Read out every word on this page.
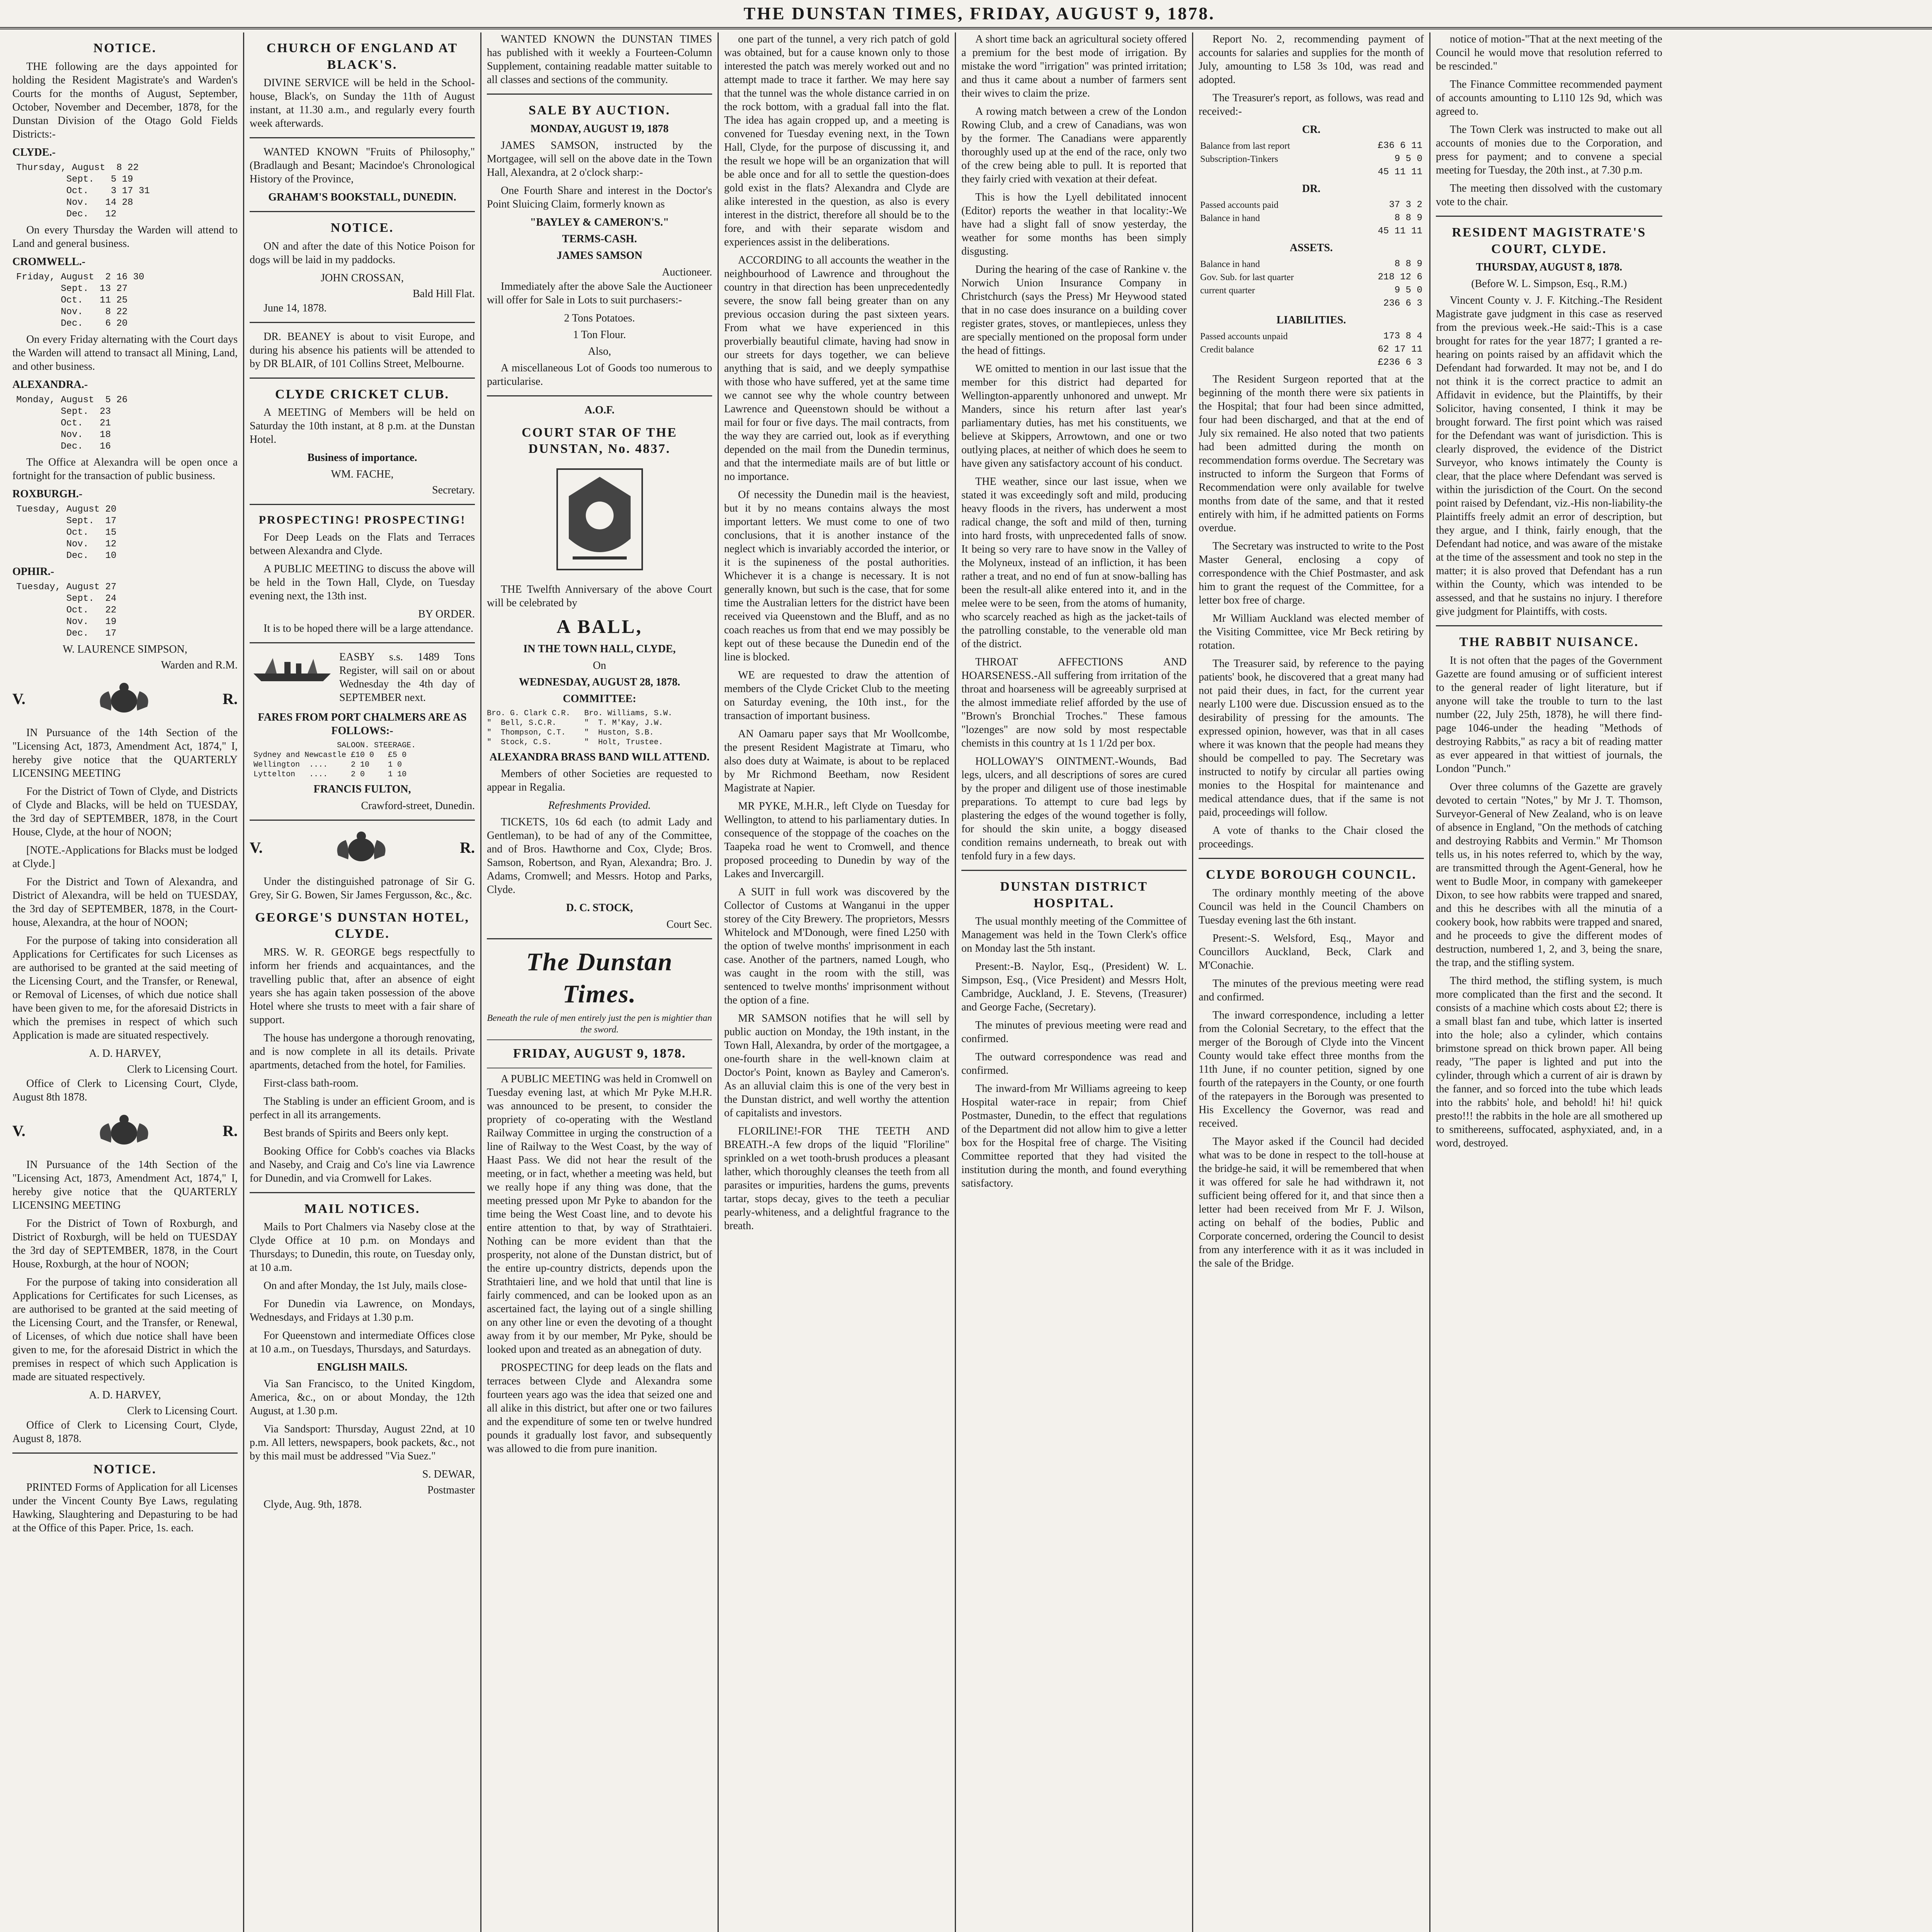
THE DUNSTAN TIMES, FRIDAY, AUGUST 9, 1878.
NOTICE.

THE following are the days appointed for holding the Resident Magistrate's and Warden's Courts for the months of August, September, October, November and December, 1878, for the Dunstan Division of the Otago Gold Fields Districts:-

CLYDE.-
Thursday, August  8 22
Sept.   5 19
Oct.    3 17 31
Nov.   14 28
Dec.   12

On every Thursday the Warden will attend to Land and general business.

CROMWELL.-
Friday, August  2 16 30
Sept.  13 27
Oct.   11 25
Nov.    8 22
Dec.    6 20

On every Friday alternating with the Court days the Warden will attend to transact all Mining, Land, and other business.

ALEXANDRA.-
Monday, August  5 26
Sept.  23
Oct.   21
Nov.   18
Dec.   16

The Office at Alexandra will be open once a fortnight for the transaction of public business.

ROXBURGH.-
Tuesday, August 20
Sept.  17
Oct.   15
Nov.   12
Dec.   10
OPHIR.-
Tuesday, August 27
Sept.  24
Oct.   22
Nov.   19
Dec.   17
W. LAURENCE SIMPSON,
Warden and R.M.
V.	R.

IN Pursuance of the 14th Section of the "Licensing Act, 1873, Amendment Act, 1874," I, hereby give notice that the QUARTERLY LICENSING MEETING

For the District of Town of Clyde, and Districts of Clyde and Blacks, will be held on TUESDAY, the 3rd day of SEPTEMBER, 1878, in the Court House, Clyde, at the hour of NOON;

[NOTE.-Applications for Blacks must be lodged at Clyde.]

For the District and Town of Alexandra, and District of Alexandra, will be held on TUESDAY, the 3rd day of SEPTEMBER, 1878, in the Court-house, Alexandra, at the hour of NOON;

For the purpose of taking into consideration all Applications for Certificates for such Licenses as are authorised to be granted at the said meeting of the Licensing Court, and the Transfer, or Renewal, or Removal of Licenses, of which due notice shall have been given to me, for the aforesaid Districts in which the premises in respect of which such Application is made are situated respectively.

A. D. HARVEY,
Clerk to Licensing Court.

Office of Clerk to Licensing Court, Clyde, August 8th 1878.

V.	R.

IN Pursuance of the 14th Section of the "Licensing Act, 1873, Amendment Act, 1874," I, hereby give notice that the QUARTERLY LICENSING MEETING

For the District of Town of Roxburgh, and District of Roxburgh, will be held on TUESDAY the 3rd day of SEPTEMBER, 1878, in the Court House, Roxburgh, at the hour of NOON;

For the purpose of taking into consideration all Applications for Certificates for such Licenses, as are authorised to be granted at the said meeting of the Licensing Court, and the Transfer, or Renewal, of Licenses, of which due notice shall have been given to me, for the aforesaid District in which the premises in respect of which such Application is made are situated respectively.

A. D. HARVEY,
Clerk to Licensing Court.

Office of Clerk to Licensing Court, Clyde, August 8, 1878.

NOTICE.

PRINTED Forms of Application for all Licenses under the Vincent County Bye Laws, regulating Hawking, Slaughtering and Depasturing to be had at the Office of this Paper. Price, 1s. each.

CHURCH OF ENGLAND AT BLACK'S.

DIVINE SERVICE will be held in the School-house, Black's, on Sunday the 11th of August instant, at 11.30 a.m., and regularly every fourth week afterwards.

WANTED KNOWN "Fruits of Philosophy," (Bradlaugh and Besant; Macindoe's Chronological History of the Province,

GRAHAM'S BOOKSTALL, DUNEDIN.
NOTICE.

ON and after the date of this Notice Poison for dogs will be laid in my paddocks.

JOHN CROSSAN,
Bald Hill Flat.

June 14, 1878.

DR. BEANEY is about to visit Europe, and during his absence his patients will be attended to by DR BLAIR, of 101 Collins Street, Melbourne.

CLYDE CRICKET CLUB.

A MEETING of Members will be held on Saturday the 10th instant, at 8 p.m. at the Dunstan Hotel.

Business of importance.
WM. FACHE,
Secretary.
PROSPECTING! PROSPECTING!

For Deep Leads on the Flats and Terraces between Alexandra and Clyde.

A PUBLIC MEETING to discuss the above will be held in the Town Hall, Clyde, on Tuesday evening next, the 13th inst.

BY ORDER.

It is to be hoped there will be a large attendance.

EASBY s.s. 1489 Tons Register, will sail on or about Wednesday the 4th day of SEPTEMBER next.
FARES FROM PORT CHALMERS ARE AS FOLLOWS:-
SALOON. STEERAGE.
Sydney and Newcastle £10 0   £5 0
Wellington  ....     2 10    1 0
Lyttelton   ....     2 0     1 10
FRANCIS FULTON,
Crawford-street, Dunedin.
V.	R.

Under the distinguished patronage of Sir G. Grey, Sir G. Bowen, Sir James Fergusson, &c., &c.

GEORGE'S DUNSTAN HOTEL, CLYDE.

MRS. W. R. GEORGE begs respectfully to inform her friends and acquaintances, and the travelling public that, after an absence of eight years she has again taken possession of the above Hotel where she trusts to meet with a fair share of support.

The house has undergone a thorough renovating, and is now complete in all its details. Private apartments, detached from the hotel, for Families.

First-class bath-room.

The Stabling is under an efficient Groom, and is perfect in all its arrangements.

Best brands of Spirits and Beers only kept.

Booking Office for Cobb's coaches via Blacks and Naseby, and Craig and Co's line via Lawrence for Dunedin, and via Cromwell for Lakes.

MAIL NOTICES.

Mails to Port Chalmers via Naseby close at the Clyde Office at 10 p.m. on Mondays and Thursdays; to Dunedin, this route, on Tuesday only, at 10 a.m.

On and after Monday, the 1st July, mails close-

For Dunedin via Lawrence, on Mondays, Wednesdays, and Fridays at 1.30 p.m.

For Queenstown and intermediate Offices close at 10 a.m., on Tuesdays, Thursdays, and Saturdays.

ENGLISH MAILS.

Via San Francisco, to the United Kingdom, America, &c., on or about Monday, the 12th August, at 1.30 p.m.

Via Sandsport: Thursday, August 22nd, at 10 p.m. All letters, newspapers, book packets, &c., not by this mail must be addressed "Via Suez."

S. DEWAR,
Postmaster

Clyde, Aug. 9th, 1878.

WANTED KNOWN the DUNSTAN TIMES has published with it weekly a Fourteen-Column Supplement, containing readable matter suitable to all classes and sections of the community.

SALE BY AUCTION.
MONDAY, AUGUST 19, 1878

JAMES SAMSON, instructed by the Mortgagee, will sell on the above date in the Town Hall, Alexandra, at 2 o'clock sharp:-

One Fourth Share and interest in the Doctor's Point Sluicing Claim, formerly known as

"BAYLEY & CAMERON'S."
TERMS-CASH.
JAMES SAMSON
Auctioneer.

Immediately after the above Sale the Auctioneer will offer for Sale in Lots to suit purchasers:-

2 Tons Potatoes.
1 Ton Flour.
Also,

A miscellaneous Lot of Goods too numerous to particularise.

A.O.F.
COURT STAR OF THE DUNSTAN, No. 4837.

THE Twelfth Anniversary of the above Court will be celebrated by

A BALL,
IN THE TOWN HALL, CLYDE,
On
WEDNESDAY, AUGUST 28, 1878.
COMMITTEE:
Bro. G. Clark C.R.   Bro. Williams, S.W.
"  Bell, S.C.R.      "  T. M'Kay, J.W.
"  Thompson, C.T.    "  Huston, S.B.
"  Stock, C.S.       "  Holt, Trustee.
ALEXANDRA BRASS BAND WILL ATTEND.

Members of other Societies are requested to appear in Regalia.

Refreshments Provided.

TICKETS, 10s 6d each (to admit Lady and Gentleman), to be had of any of the Committee, and of Bros. Hawthorne and Cox, Clyde; Bros. Samson, Robertson, and Ryan, Alexandra; Bro. J. Adams, Cromwell; and Messrs. Hotop and Parks, Clyde.

D. C. STOCK,
Court Sec.
The Dunstan Times.
Beneath the rule of men entirely just the pen is mightier than the sword.
FRIDAY, AUGUST 9, 1878.

A PUBLIC MEETING was held in Cromwell on Tuesday evening last, at which Mr Pyke M.H.R. was announced to be present, to consider the propriety of co-operating with the Westland Railway Committee in urging the construction of a line of Railway to the West Coast, by the way of Haast Pass. We did not hear the result of the meeting, or in fact, whether a meeting was held, but we really hope if any thing was done, that the meeting pressed upon Mr Pyke to abandon for the time being the West Coast line, and to devote his entire attention to that, by way of Strathtaieri. Nothing can be more evident than that the prosperity, not alone of the Dunstan district, but of the entire up-country districts, depends upon the Strathtaieri line, and we hold that until that line is fairly commenced, and can be looked upon as an ascertained fact, the laying out of a single shilling on any other line or even the devoting of a thought away from it by our member, Mr Pyke, should be looked upon and treated as an abnegation of duty.

PROSPECTING for deep leads on the flats and terraces between Clyde and Alexandra some fourteen years ago was the idea that seized one and all alike in this district, but after one or two failures and the expenditure of some ten or twelve hundred pounds it gradually lost favor, and subsequently was allowed to die from pure inanition.

one part of the tunnel, a very rich patch of gold was obtained, but for a cause known only to those interested the patch was merely worked out and no attempt made to trace it farther. We may here say that the tunnel was the whole distance carried in on the rock bottom, with a gradual fall into the flat. The idea has again cropped up, and a meeting is convened for Tuesday evening next, in the Town Hall, Clyde, for the purpose of discussing it, and the result we hope will be an organization that will be able once and for all to settle the question-does gold exist in the flats? Alexandra and Clyde are alike interested in the question, as also is every interest in the district, therefore all should be to the fore, and with their separate wisdom and experiences assist in the deliberations.

ACCORDING to all accounts the weather in the neighbourhood of Lawrence and throughout the country in that direction has been unprecedentedly severe, the snow fall being greater than on any previous occasion during the past sixteen years. From what we have experienced in this proverbially beautiful climate, having had snow in our streets for days together, we can believe anything that is said, and we deeply sympathise with those who have suffered, yet at the same time we cannot see why the whole country between Lawrence and Queenstown should be without a mail for four or five days. The mail contracts, from the way they are carried out, look as if everything depended on the mail from the Dunedin terminus, and that the intermediate mails are of but little or no importance.

Of necessity the Dunedin mail is the heaviest, but it by no means contains always the most important letters. We must come to one of two conclusions, that it is another instance of the neglect which is invariably accorded the interior, or it is the supineness of the postal authorities. Whichever it is a change is necessary. It is not generally known, but such is the case, that for some time the Australian letters for the district have been received via Queenstown and the Bluff, and as no coach reaches us from that end we may possibly be kept out of these because the Dunedin end of the line is blocked.

WE are requested to draw the attention of members of the Clyde Cricket Club to the meeting on Saturday evening, the 10th inst., for the transaction of important business.

AN Oamaru paper says that Mr Woollcombe, the present Resident Magistrate at Timaru, who also does duty at Waimate, is about to be replaced by Mr Richmond Beetham, now Resident Magistrate at Napier.

MR PYKE, M.H.R., left Clyde on Tuesday for Wellington, to attend to his parliamentary duties. In consequence of the stoppage of the coaches on the Taapeka road he went to Cromwell, and thence proposed proceeding to Dunedin by way of the Lakes and Invercargill.

A SUIT in full work was discovered by the Collector of Customs at Wanganui in the upper storey of the City Brewery. The proprietors, Messrs Whitelock and M'Donough, were fined L250 with the option of twelve months' imprisonment in each case. Another of the partners, named Lough, who was caught in the room with the still, was sentenced to twelve months' imprisonment without the option of a fine.

MR SAMSON notifies that he will sell by public auction on Monday, the 19th instant, in the Town Hall, Alexandra, by order of the mortgagee, a one-fourth share in the well-known claim at Doctor's Point, known as Bayley and Cameron's. As an alluvial claim this is one of the very best in the Dunstan district, and well worthy the attention of capitalists and investors.

FLORILINE!-FOR THE TEETH AND BREATH.-A few drops of the liquid "Floriline" sprinkled on a wet tooth-brush produces a pleasant lather, which thoroughly cleanses the teeth from all parasites or impurities, hardens the gums, prevents tartar, stops decay, gives to the teeth a peculiar pearly-whiteness, and a delightful fragrance to the breath.

A short time back an agricultural society offered a premium for the best mode of irrigation. By mistake the word "irrigation" was printed irritation; and thus it came about a number of farmers sent their wives to claim the prize.

A rowing match between a crew of the London Rowing Club, and a crew of Canadians, was won by the former. The Canadians were apparently thoroughly used up at the end of the race, only two of the crew being able to pull. It is reported that they fairly cried with vexation at their defeat.

This is how the Lyell debilitated innocent (Editor) reports the weather in that locality:-We have had a slight fall of snow yesterday, the weather for some months has been simply disgusting.

During the hearing of the case of Rankine v. the Norwich Union Insurance Company in Christchurch (says the Press) Mr Heywood stated that in no case does insurance on a building cover register grates, stoves, or mantlepieces, unless they are specially mentioned on the proposal form under the head of fittings.

WE omitted to mention in our last issue that the member for this district had departed for Wellington-apparently unhonored and unwept. Mr Manders, since his return after last year's parliamentary duties, has met his constituents, we believe at Skippers, Arrowtown, and one or two outlying places, at neither of which does he seem to have given any satisfactory account of his conduct.

THE weather, since our last issue, when we stated it was exceedingly soft and mild, producing heavy floods in the rivers, has underwent a most radical change, the soft and mild of then, turning into hard frosts, with unprecedented falls of snow. It being so very rare to have snow in the Valley of the Molyneux, instead of an infliction, it has been rather a treat, and no end of fun at snow-balling has been the result-all alike entered into it, and in the melee were to be seen, from the atoms of humanity, who scarcely reached as high as the jacket-tails of the patrolling constable, to the venerable old man of the district.

THROAT AFFECTIONS AND HOARSENESS.-All suffering from irritation of the throat and hoarseness will be agreeably surprised at the almost immediate relief afforded by the use of "Brown's Bronchial Troches." These famous "lozenges" are now sold by most respectable chemists in this country at 1s 1 1/2d per box.

HOLLOWAY'S OINTMENT.-Wounds, Bad legs, ulcers, and all descriptions of sores are cured by the proper and diligent use of those inestimable preparations. To attempt to cure bad legs by plastering the edges of the wound together is folly, for should the skin unite, a boggy diseased condition remains underneath, to break out with tenfold fury in a few days.

DUNSTAN DISTRICT HOSPITAL.

The usual monthly meeting of the Committee of Management was held in the Town Clerk's office on Monday last the 5th instant.

Present:-B. Naylor, Esq., (President) W. L. Simpson, Esq., (Vice President) and Messrs Holt, Cambridge, Auckland, J. E. Stevens, (Treasurer) and George Fache, (Secretary).

The minutes of previous meeting were read and confirmed.

The outward correspondence was read and confirmed.

The inward-from Mr Williams agreeing to keep Hospital water-race in repair; from Chief Postmaster, Dunedin, to the effect that regulations of the Department did not allow him to give a letter box for the Hospital free of charge. The Visiting Committee reported that they had visited the institution during the month, and found everything satisfactory.

Report No. 2, recommending payment of accounts for salaries and supplies for the month of July, amounting to L58 3s 10d, was read and adopted.

The Treasurer's report, as follows, was read and received:-

CR.
Balance from last report	£36 6 11
Subscription-Tinkers	9 5 0
	45 11 11
DR.
Passed accounts paid	37 3 2
Balance in hand	8 8 9
	45 11 11
ASSETS.
Balance in hand	8 8 9
Gov. Sub. for last quarter	218 12 6
current quarter	9 5 0
	236 6 3
LIABILITIES.
Passed accounts unpaid	173 8 4
Credit balance	62 17 11
	£236 6 3

The Resident Surgeon reported that at the beginning of the month there were six patients in the Hospital; that four had been since admitted, four had been discharged, and that at the end of July six remained. He also noted that two patients had been admitted during the month on recommendation forms overdue. The Secretary was instructed to inform the Surgeon that Forms of Recommendation were only available for twelve months from date of the same, and that it rested entirely with him, if he admitted patients on Forms overdue.

The Secretary was instructed to write to the Post Master General, enclosing a copy of correspondence with the Chief Postmaster, and ask him to grant the request of the Committee, for a letter box free of charge.

Mr William Auckland was elected member of the Visiting Committee, vice Mr Beck retiring by rotation.

The Treasurer said, by reference to the paying patients' book, he discovered that a great many had not paid their dues, in fact, for the current year nearly L100 were due. Discussion ensued as to the desirability of pressing for the amounts. The expressed opinion, however, was that in all cases where it was known that the people had means they should be compelled to pay. The Secretary was instructed to notify by circular all parties owing monies to the Hospital for maintenance and medical attendance dues, that if the same is not paid, proceedings will follow.

A vote of thanks to the Chair closed the proceedings.

CLYDE BOROUGH COUNCIL.

The ordinary monthly meeting of the above Council was held in the Council Chambers on Tuesday evening last the 6th instant.

Present:-S. Welsford, Esq., Mayor and Councillors Auckland, Beck, Clark and M'Conachie.

The minutes of the previous meeting were read and confirmed.

The inward correspondence, including a letter from the Colonial Secretary, to the effect that the merger of the Borough of Clyde into the Vincent County would take effect three months from the 11th June, if no counter petition, signed by one fourth of the ratepayers in the County, or one fourth of the ratepayers in the Borough was presented to His Excellency the Governor, was read and received.

The Mayor asked if the Council had decided what was to be done in respect to the toll-house at the bridge-he said, it will be remembered that when it was offered for sale he had withdrawn it, not sufficient being offered for it, and that since then a letter had been received from Mr F. J. Wilson, acting on behalf of the bodies, Public and Corporate concerned, ordering the Council to desist from any interference with it as it was included in the sale of the Bridge.

notice of motion-"That at the next meeting of the Council he would move that resolution referred to be rescinded."

The Finance Committee recommended payment of accounts amounting to L110 12s 9d, which was agreed to.

The Town Clerk was instructed to make out all accounts of monies due to the Corporation, and press for payment; and to convene a special meeting for Tuesday, the 20th inst., at 7.30 p.m.

The meeting then dissolved with the customary vote to the chair.

RESIDENT MAGISTRATE'S COURT, CLYDE.
THURSDAY, AUGUST 8, 1878.
(Before W. L. Simpson, Esq., R.M.)

Vincent County v. J. F. Kitching.-The Resident Magistrate gave judgment in this case as reserved from the previous week.-He said:-This is a case brought for rates for the year 1877; I granted a re-hearing on points raised by an affidavit which the Defendant had forwarded. It may not be, and I do not think it is the correct practice to admit an Affidavit in evidence, but the Plaintiffs, by their Solicitor, having consented, I think it may be brought forward. The first point which was raised for the Defendant was want of jurisdiction. This is clearly disproved, the evidence of the District Surveyor, who knows intimately the County is clear, that the place where Defendant was served is within the jurisdiction of the Court. On the second point raised by Defendant, viz.-His non-liability-the Plaintiffs freely admit an error of description, but they argue, and I think, fairly enough, that the Defendant had notice, and was aware of the mistake at the time of the assessment and took no step in the matter; it is also proved that Defendant has a run within the County, which was intended to be assessed, and that he sustains no injury. I therefore give judgment for Plaintiffs, with costs.

THE RABBIT NUISANCE.

It is not often that the pages of the Government Gazette are found amusing or of sufficient interest to the general reader of light literature, but if anyone will take the trouble to turn to the last number (22, July 25th, 1878), he will there find-page 1046-under the heading "Methods of destroying Rabbits," as racy a bit of reading matter as ever appeared in that wittiest of journals, the London "Punch."

Over three columns of the Gazette are gravely devoted to certain "Notes," by Mr J. T. Thomson, Surveyor-General of New Zealand, who is on leave of absence in England, "On the methods of catching and destroying Rabbits and Vermin." Mr Thomson tells us, in his notes referred to, which by the way, are transmitted through the Agent-General, how he went to Budle Moor, in company with gamekeeper Dixon, to see how rabbits were trapped and snared, and this he describes with all the minutia of a cookery book, how rabbits were trapped and snared, and he proceeds to give the different modes of destruction, numbered 1, 2, and 3, being the snare, the trap, and the stifling system.

The third method, the stifling system, is much more complicated than the first and the second. It consists of a machine which costs about £2; there is a small blast fan and tube, which latter is inserted into the hole; also a cylinder, which contains brimstone spread on thick brown paper. All being ready, "The paper is lighted and put into the cylinder, through which a current of air is drawn by the fanner, and so forced into the tube which leads into the rabbits' hole, and behold! hi! hi! quick presto!!! the rabbits in the hole are all smothered up to smithereens, suffocated, asphyxiated, and, in a word, destroyed.
